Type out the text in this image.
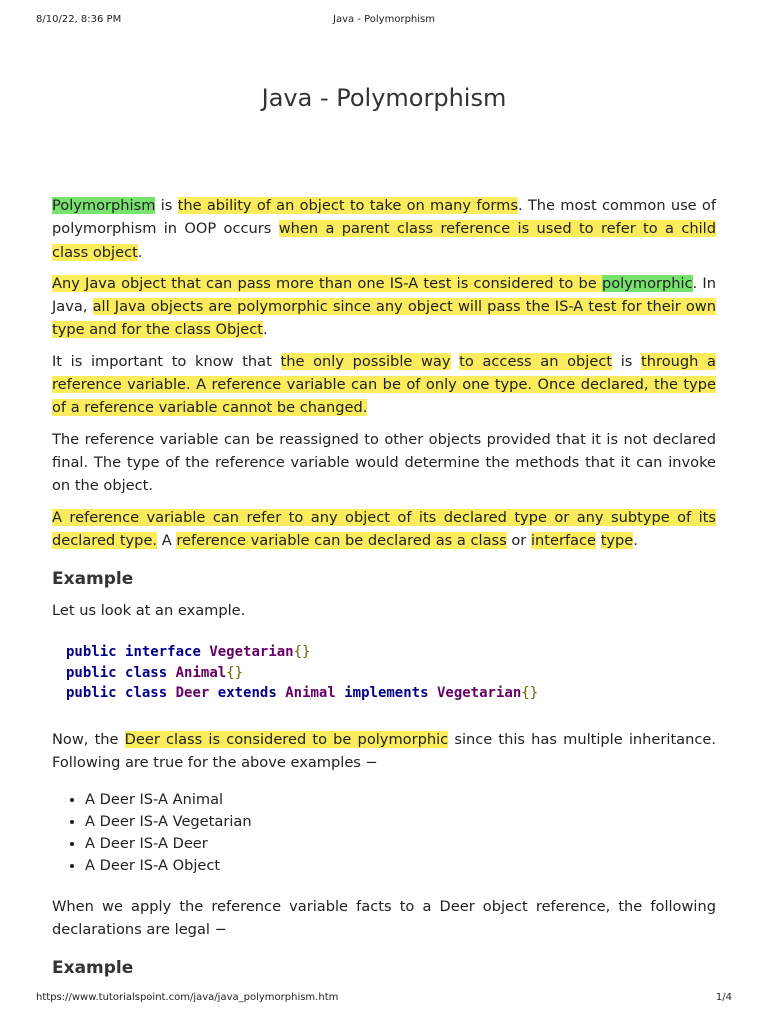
8/10/22, 8:36 PM	Java - Polymorphism
Java - Polymorphism

Polymorphism is the ability of an object to take on many forms. The most common use of polymorphism in OOP occurs when a parent class reference is used to refer to a child class object.

Any Java object that can pass more than one IS-A test is considered to be polymorphic. In Java, all Java objects are polymorphic since any object will pass the IS-A test for their own type and for the class Object.

It is important to know that the only possible way to access an object is through a reference variable. A reference variable can be of only one type. Once declared, the type of a reference variable cannot be changed.

The reference variable can be reassigned to other objects provided that it is not declared final. The type of the reference variable would determine the methods that it can invoke on the object.

A reference variable can refer to any object of its declared type or any subtype of its declared type. A reference variable can be declared as a class or interface type.

Example

Let us look at an example.

public interface Vegetarian{}
public class Animal{}
public class Deer extends Animal implements Vegetarian{}

Now, the Deer class is considered to be polymorphic since this has multiple inheritance. Following are true for the above examples −

• A Deer IS-A Animal
• A Deer IS-A Vegetarian
• A Deer IS-A Deer
• A Deer IS-A Object

When we apply the reference variable facts to a Deer object reference, the following declarations are legal −

Example
https://www.tutorialspoint.com/java/java_polymorphism.htm	1/4
